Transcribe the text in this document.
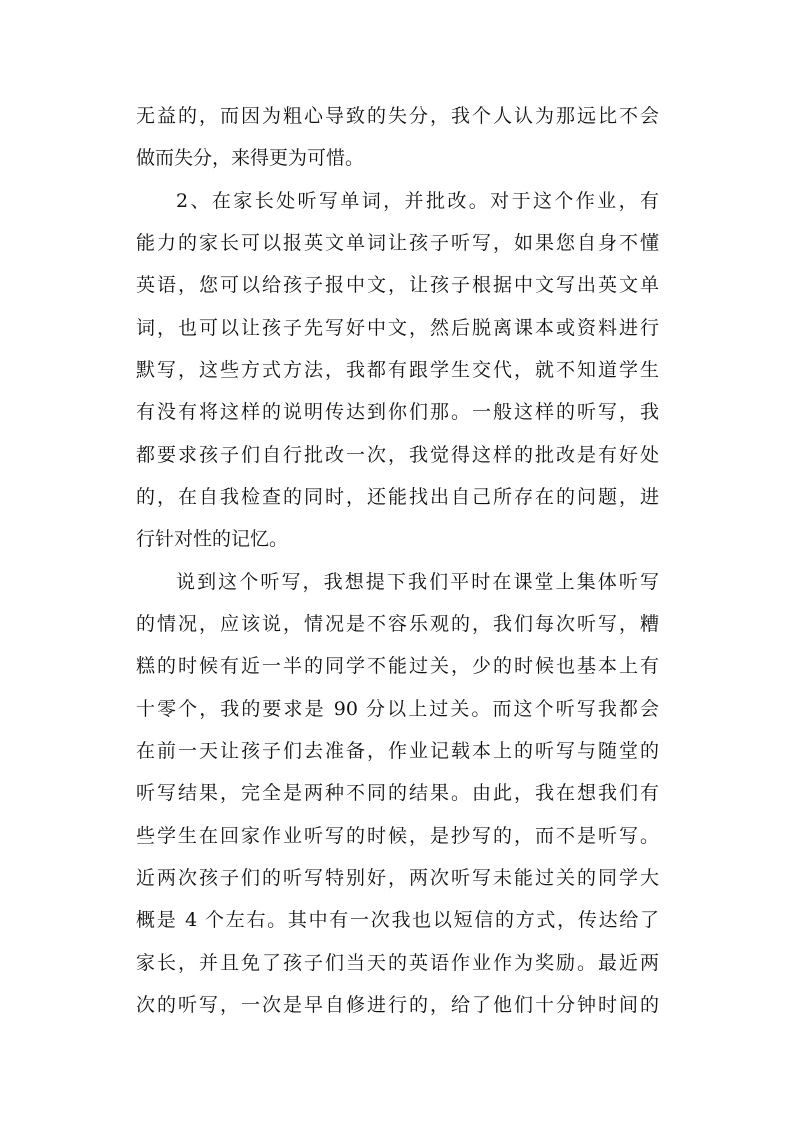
无益的，而因为粗心导致的失分，我个人认为那远比不会
做而失分，来得更为可惜。
2、在家长处听写单词，并批改。对于这个作业，有
能力的家长可以报英文单词让孩子听写，如果您自身不懂
英语，您可以给孩子报中文，让孩子根据中文写出英文单
词，也可以让孩子先写好中文，然后脱离课本或资料进行
默写，这些方式方法，我都有跟学生交代，就不知道学生
有没有将这样的说明传达到你们那。一般这样的听写，我
都要求孩子们自行批改一次，我觉得这样的批改是有好处
的，在自我检查的同时，还能找出自己所存在的问题，进
行针对性的记忆。
说到这个听写，我想提下我们平时在课堂上集体听写
的情况，应该说，情况是不容乐观的，我们每次听写，糟
糕的时候有近一半的同学不能过关，少的时候也基本上有
十零个，我的要求是 90 分以上过关。而这个听写我都会
在前一天让孩子们去准备，作业记载本上的听写与随堂的
听写结果，完全是两种不同的结果。由此，我在想我们有
些学生在回家作业听写的时候，是抄写的，而不是听写。
近两次孩子们的听写特别好，两次听写未能过关的同学大
概是 4 个左右。其中有一次我也以短信的方式，传达给了
家长，并且免了孩子们当天的英语作业作为奖励。最近两
次的听写，一次是早自修进行的，给了他们十分钟时间的
